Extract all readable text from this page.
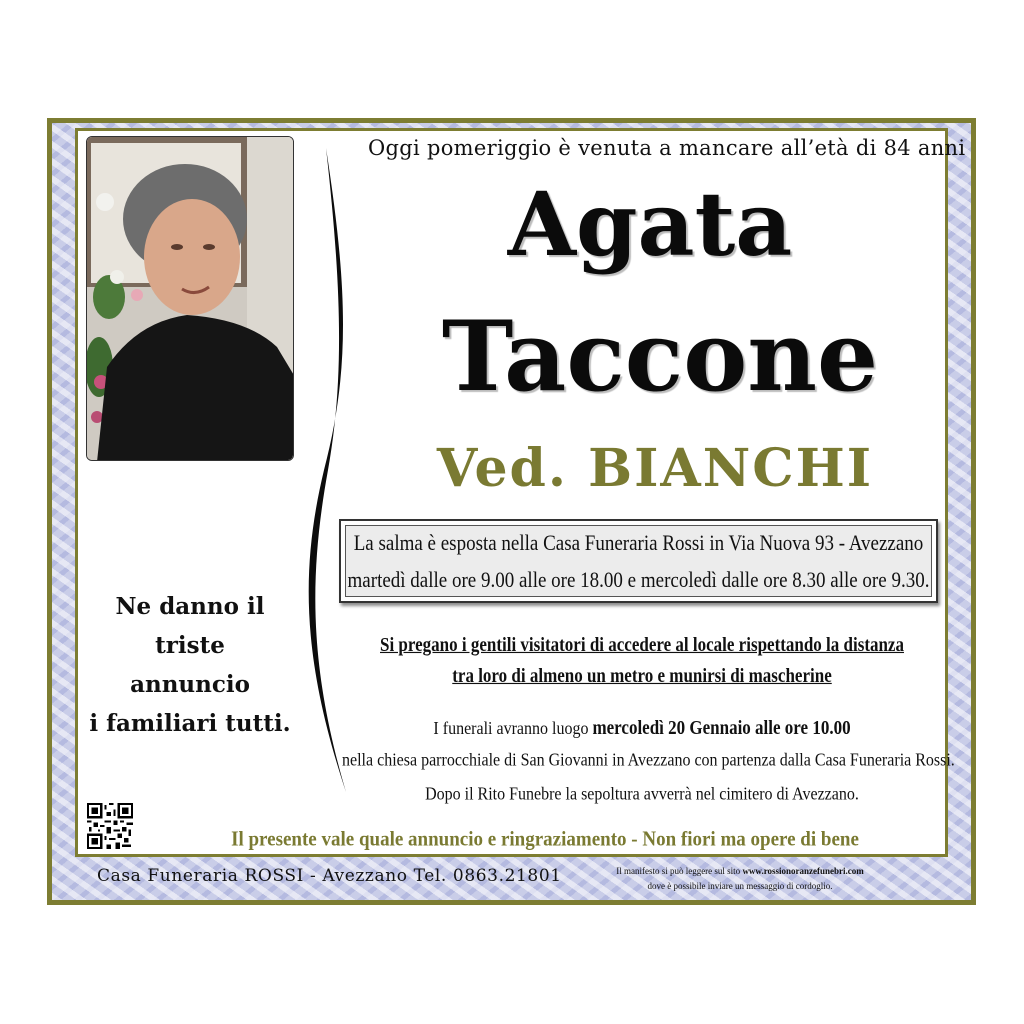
Oggi pomeriggio è venuta a mancare all’età di 84 anni
Agata
Taccone
Ved. BIANCHI
La salma è esposta nella Casa Funeraria Rossi in Via Nuova 93 - Avezzano
martedì dalle ore 9.00 alle ore 18.00 e mercoledì dalle ore 8.30 alle ore 9.30.
Ne danno il triste
annuncio
i familiari tutti.
Si pregano i gentili visitatori di accedere al locale rispettando la distanza
tra loro di almeno un metro e munirsi di mascherine
I funerali avranno luogo mercoledì 20 Gennaio alle ore 10.00
nella chiesa parrocchiale di San Giovanni in Avezzano con partenza dalla Casa Funeraria Rossi.
Dopo il Rito Funebre la sepoltura avverrà nel cimitero di Avezzano.
Il presente vale quale annuncio e ringraziamento - Non fiori ma opere di bene
Casa Funeraria ROSSI - Avezzano Tel. 0863.21801	Il manifesto si può leggere sul sito www.rossionoranzefunebri.com
dove è possibile inviare un messaggio di cordoglio.
